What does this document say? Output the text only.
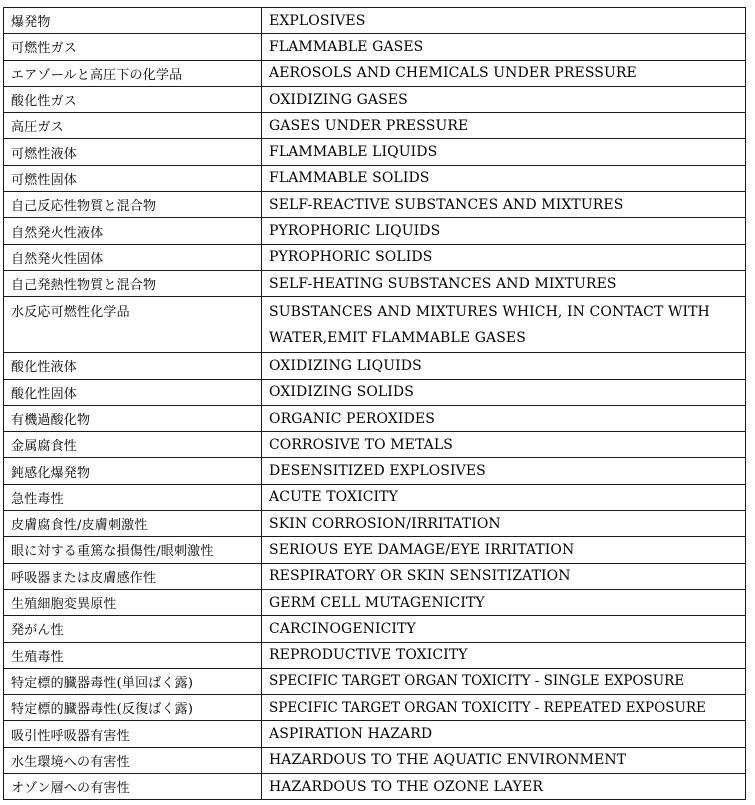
爆発物	EXPLOSIVES
可燃性ガス	FLAMMABLE GASES
エアゾールと高圧下の化学品	AEROSOLS AND CHEMICALS UNDER PRESSURE
酸化性ガス	OXIDIZING GASES
高圧ガス	GASES UNDER PRESSURE
可燃性液体	FLAMMABLE LIQUIDS
可燃性固体	FLAMMABLE SOLIDS
自己反応性物質と混合物	SELF-REACTIVE SUBSTANCES AND MIXTURES
自然発火性液体	PYROPHORIC LIQUIDS
自然発火性固体	PYROPHORIC SOLIDS
自己発熱性物質と混合物	SELF-HEATING SUBSTANCES AND MIXTURES
水反応可燃性化学品	SUBSTANCES AND MIXTURES WHICH, IN CONTACT WITH WATER,EMIT FLAMMABLE GASES
酸化性液体	OXIDIZING LIQUIDS
酸化性固体	OXIDIZING SOLIDS
有機過酸化物	ORGANIC PEROXIDES
金属腐食性	CORROSIVE TO METALS
鈍感化爆発物	DESENSITIZED EXPLOSIVES
急性毒性	ACUTE TOXICITY
皮膚腐食性/皮膚刺激性	SKIN CORROSION/IRRITATION
眼に対する重篤な損傷性/眼刺激性	SERIOUS EYE DAMAGE/EYE IRRITATION
呼吸器または皮膚感作性	RESPIRATORY OR SKIN SENSITIZATION
生殖細胞変異原性	GERM CELL MUTAGENICITY
発がん性	CARCINOGENICITY
生殖毒性	REPRODUCTIVE TOXICITY
特定標的臓器毒性(単回ばく露)	SPECIFIC TARGET ORGAN TOXICITY - SINGLE EXPOSURE
特定標的臓器毒性(反復ばく露)	SPECIFIC TARGET ORGAN TOXICITY - REPEATED EXPOSURE
吸引性呼吸器有害性	ASPIRATION HAZARD
水生環境への有害性	HAZARDOUS TO THE AQUATIC ENVIRONMENT
オゾン層への有害性	HAZARDOUS TO THE OZONE LAYER
